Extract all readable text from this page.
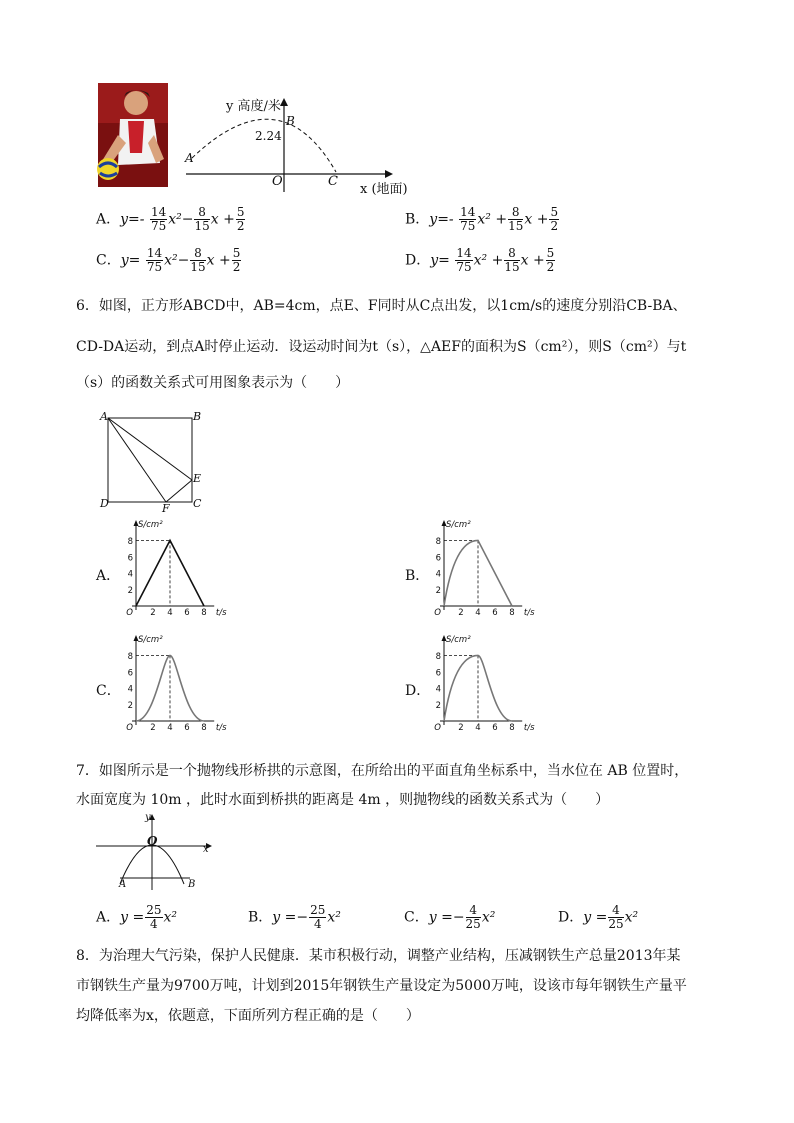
y 高度/米
B
2.24
A
O	C
x (地面)
A．$y=- \frac{14}{75} x^2- \frac{8}{15}$ $x + \frac{5}{2}$	B．$y=- \frac{14}{75} x^2 + \frac{8}{15}$ $x + \frac{5}{2}$
C．$y= \frac{14}{75} x^2- \frac{8}{15}$ $x + \frac{5}{2}$	D．$y= \frac{14}{75} x^2 + \frac{8}{15}$ $x + \frac{5}{2}$
6．如图，正方形ABCD中，AB=4cm，点E、F同时从C点出发，以1cm/s的速度分别沿CB-BA、
CD-DA运动，到点A时停止运动．设运动时间为t（s），△AEF的面积为S（cm²），则S（cm²）与t
（s）的函数关系式可用图象表示为（　　）
A	B
D	C
E
F
A．	B．
C．	D．
2
4
6
8
2 4 6 8
O	t/s
S/cm²
2
4
6
8
2 4 6 8
O	t/s
S/cm²
2
4
6
8
2 4 6 8
O	t/s
S/cm²
2
4
6
8
2 4 6 8
O	t/s
S/cm²
7．如图所示是一个抛物线形桥拱的示意图，在所给出的平面直角坐标系中，当水位在 AB 位置时，
水面宽度为 10m ，此时水面到桥拱的距离是 4m ，则抛物线的函数关系式为（　　）
y
O
x
A	B
A．$y = \frac{25}{4} x^2$	B．$y =- \frac{25}{4} x^2$	C．$y =- \frac{4}{25} x^2$	D．$y = \frac{4}{25} x^2$
8．为治理大气污染，保护人民健康．某市积极行动，调整产业结构，压减钢铁生产总量2013年某
市钢铁生产量为9700万吨，计划到2015年钢铁生产量设定为5000万吨，设该市每年钢铁生产量平
均降低率为x，依题意，下面所列方程正确的是（　　）
